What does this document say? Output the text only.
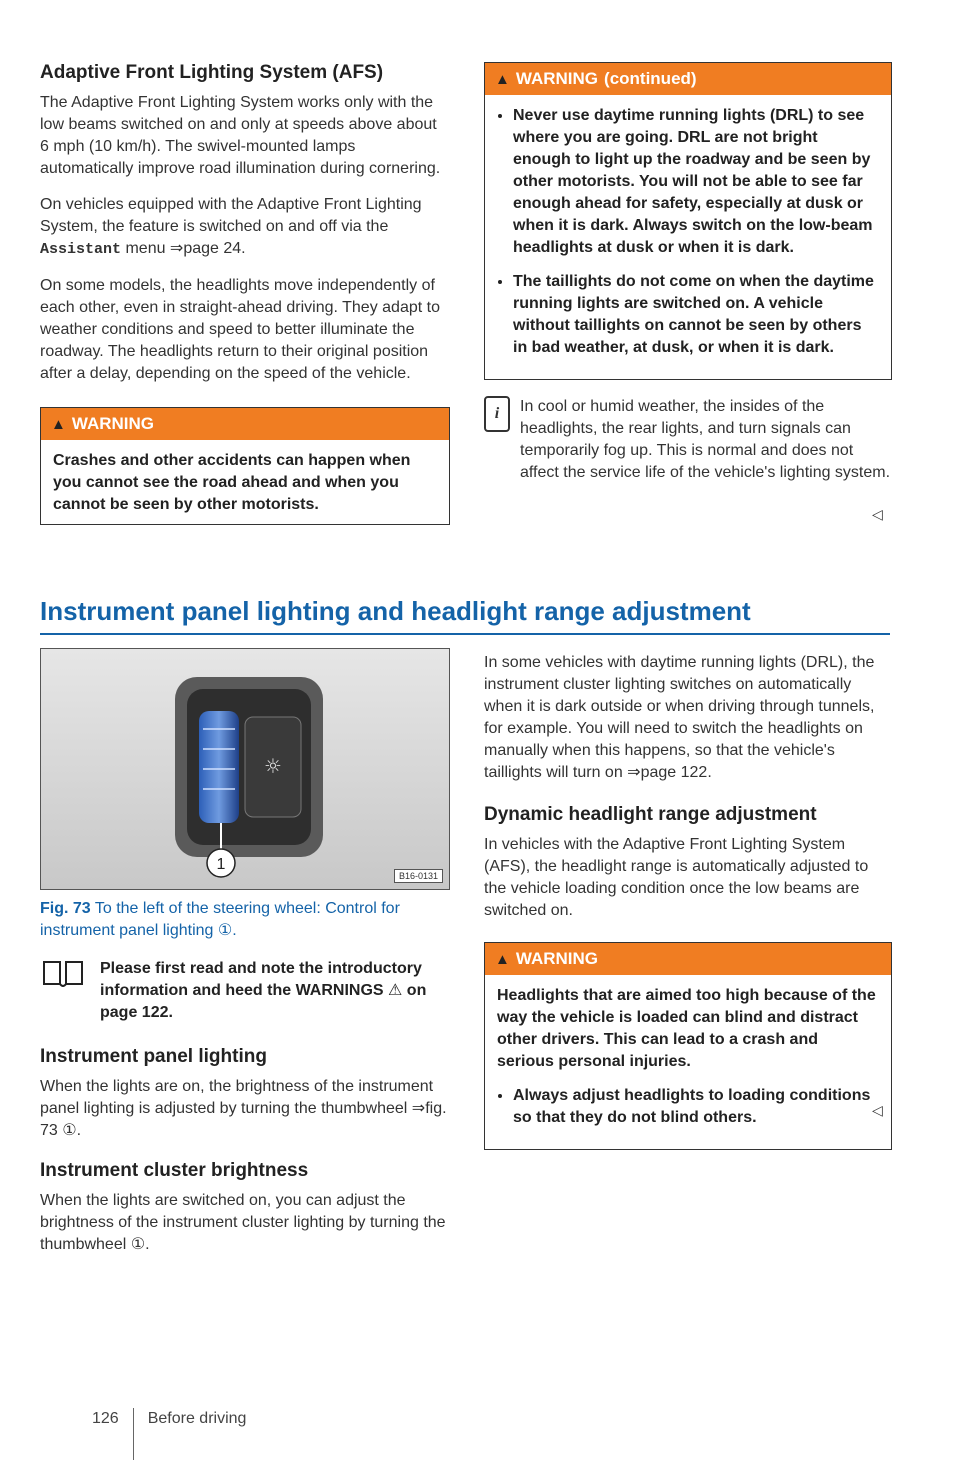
Adaptive Front Lighting System (AFS)

The Adaptive Front Lighting System works only with the low beams switched on and only at speeds above about 6 mph (10 km/h). The swivel-mounted lamps automatically improve road illumination during cornering.

On vehicles equipped with the Adaptive Front Lighting System, the feature is switched on and off via the Assistant menu ⇒page 24.

On some models, the headlights move independently of each other, even in straight-ahead driving. They adapt to weather conditions and speed to better illuminate the roadway. The headlights return to their original position after a delay, depending on the speed of the vehicle.

▲ WARNING
Crashes and other accidents can happen when you cannot see the road ahead and when you cannot be seen by other motorists.
▲ WARNING (continued)
• Never use daytime running lights (DRL) to see where you are going. DRL are not bright enough to light up the roadway and be seen by other motorists. You will not be able to see far enough ahead for safety, especially at dusk or when it is dark. Always switch on the low-beam headlights at dusk or when it is dark.
• The taillights do not come on when the daytime running lights are switched on. A vehicle without taillights on cannot be seen by others in bad weather, at dusk, or when it is dark.
i	In cool or humid weather, the insides of the headlights, the rear lights, and turn signals can temporarily fog up. This is normal and does not affect the service life of the vehicle's lighting system.
◁
Instrument panel lighting and headlight range adjustment
☼
1
B16-0131
Fig. 73 To the left of the steering wheel: Control for instrument panel lighting ①.
Please first read and note the introductory information and heed the WARNINGS ⚠ on page 122.
Instrument panel lighting

When the lights are on, the brightness of the instrument panel lighting is adjusted by turning the thumbwheel ⇒fig. 73 ①.

Instrument cluster brightness

When the lights are switched on, you can adjust the brightness of the instrument cluster lighting by turning the thumbwheel ①.

In some vehicles with daytime running lights (DRL), the instrument cluster lighting switches on automatically when it is dark outside or when driving through tunnels, for example. You will need to switch the headlights on manually when this happens, so that the vehicle's taillights will turn on ⇒page 122.

Dynamic headlight range adjustment

In vehicles with the Adaptive Front Lighting System (AFS), the headlight range is automatically adjusted to the vehicle loading condition once the low beams are switched on.

▲ WARNING
Headlights that are aimed too high because of the way the vehicle is loaded can blind and distract other drivers. This can lead to a crash and serious personal injuries.
• Always adjust headlights to loading conditions so that they do not blind others.	◁
126 Before driving
